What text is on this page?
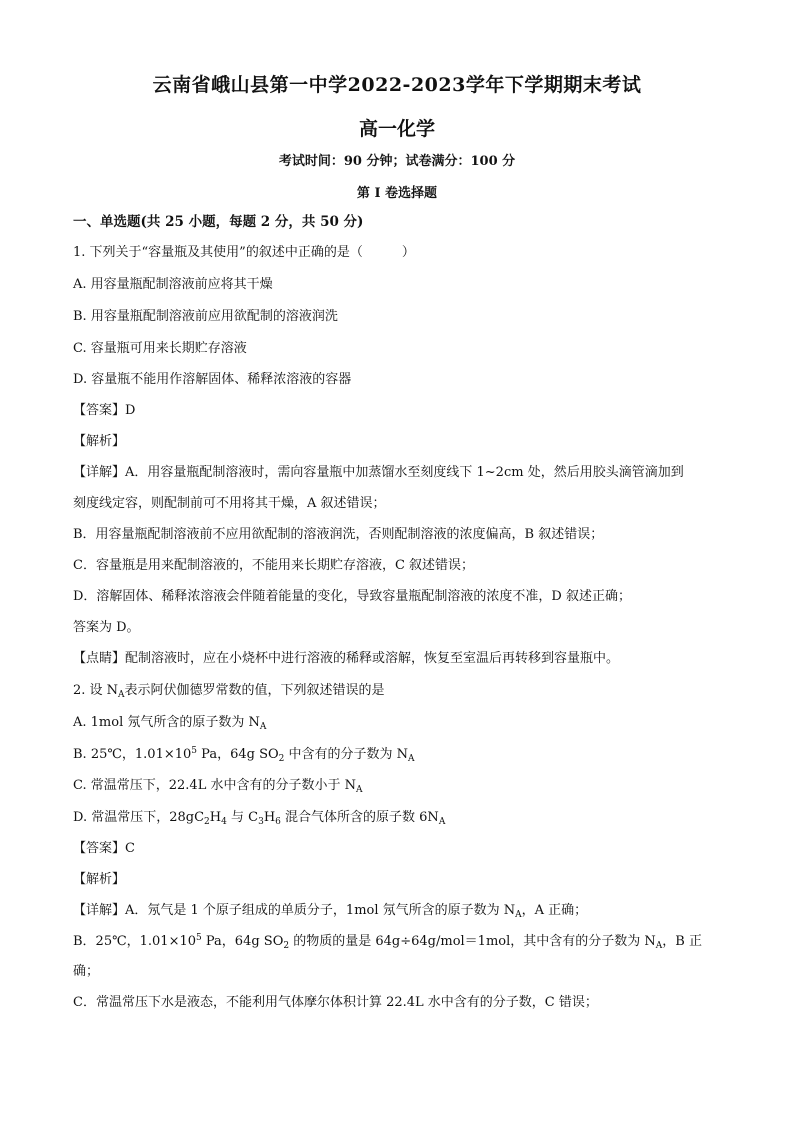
云南省峨山县第一中学2022-2023学年下学期期末考试
高一化学
考试时间：90 分钟；试卷满分：100 分
第 I 卷选择题
一、单选题(共 25 小题，每题 2 分，共 50 分)
1. 下列关于“容量瓶及其使用”的叙述中正确的是（　　　）
A. 用容量瓶配制溶液前应将其干燥
B. 用容量瓶配制溶液前应用欲配制的溶液润洗
C. 容量瓶可用来长期贮存溶液
D. 容量瓶不能用作溶解固体、稀释浓溶液的容器
【答案】D
【解析】
【详解】A．用容量瓶配制溶液时，需向容量瓶中加蒸馏水至刻度线下 1~2cm 处，然后用胶头滴管滴加到
刻度线定容，则配制前可不用将其干燥，A 叙述错误；
B．用容量瓶配制溶液前不应用欲配制的溶液润洗，否则配制溶液的浓度偏高，B 叙述错误；
C．容量瓶是用来配制溶液的，不能用来长期贮存溶液，C 叙述错误；
D．溶解固体、稀释浓溶液会伴随着能量的变化，导致容量瓶配制溶液的浓度不准，D 叙述正确；
答案为 D。
【点睛】配制溶液时，应在小烧杯中进行溶液的稀释或溶解，恢复至室温后再转移到容量瓶中。
2. 设 $N_A$表示阿伏伽德罗常数的值，下列叙述错误的是
A. 1mol 氖气所含的原子数为 $N_A$
B. 25℃，$1.01\times 10^5$ Pa，64g $SO_2$ 中含有的分子数为 $N_A$
C. 常温常压下，22.4L 水中含有的分子数小于 $N_A$
D. 常温常压下，$28gC_2H_4$ 与 $C_3H_6$ 混合气体所含的原子数 $6N_A$
【答案】C
【解析】
【详解】A．氖气是 1 个原子组成的单质分子，1mol 氖气所含的原子数为 $N_A$，A 正确；
B．25℃，$1.01\times 10^5$ Pa，64g $SO_2$ 的物质的量是 64g÷64g/mol＝1mol，其中含有的分子数为 $N_A$，B 正
确；
C．常温常压下水是液态，不能利用气体摩尔体积计算 22.4L 水中含有的分子数，C 错误；
